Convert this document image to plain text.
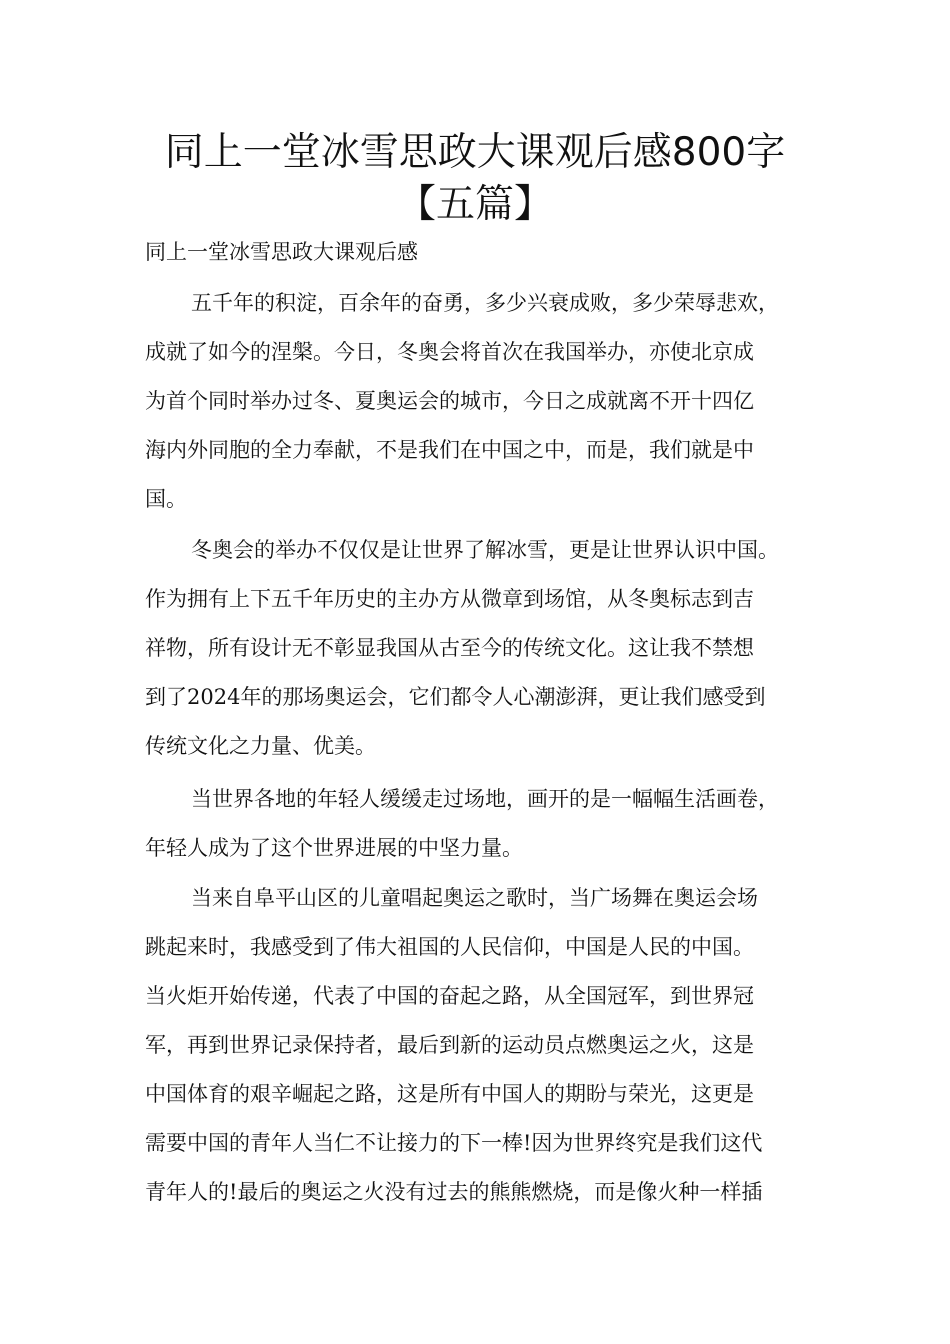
同上一堂冰雪思政大课观后感800字
【五篇】
同上一堂冰雪思政大课观后感
五千年的积淀，百余年的奋勇，多少兴衰成败，多少荣辱悲欢，
成就了如今的涅槃。今日，冬奥会将首次在我国举办，亦使北京成
为首个同时举办过冬、夏奥运会的城市，今日之成就离不开十四亿
海内外同胞的全力奉献，不是我们在中国之中，而是，我们就是中
国。
冬奥会的举办不仅仅是让世界了解冰雪，更是让世界认识中国。
作为拥有上下五千年历史的主办方从微章到场馆，从冬奥标志到吉
祥物，所有设计无不彰显我国从古至今的传统文化。这让我不禁想
到了2024年的那场奥运会，它们都令人心潮澎湃，更让我们感受到
传统文化之力量、优美。
当世界各地的年轻人缓缓走过场地，画开的是一幅幅生活画卷，
年轻人成为了这个世界进展的中坚力量。
当来自阜平山区的儿童唱起奥运之歌时，当广场舞在奥运会场
跳起来时，我感受到了伟大祖国的人民信仰，中国是人民的中国。
当火炬开始传递，代表了中国的奋起之路，从全国冠军，到世界冠
军，再到世界记录保持者，最后到新的运动员点燃奥运之火，这是
中国体育的艰辛崛起之路，这是所有中国人的期盼与荣光，这更是
需要中国的青年人当仁不让接力的下一棒!因为世界终究是我们这代
青年人的!最后的奥运之火没有过去的熊熊燃烧，而是像火种一样插
